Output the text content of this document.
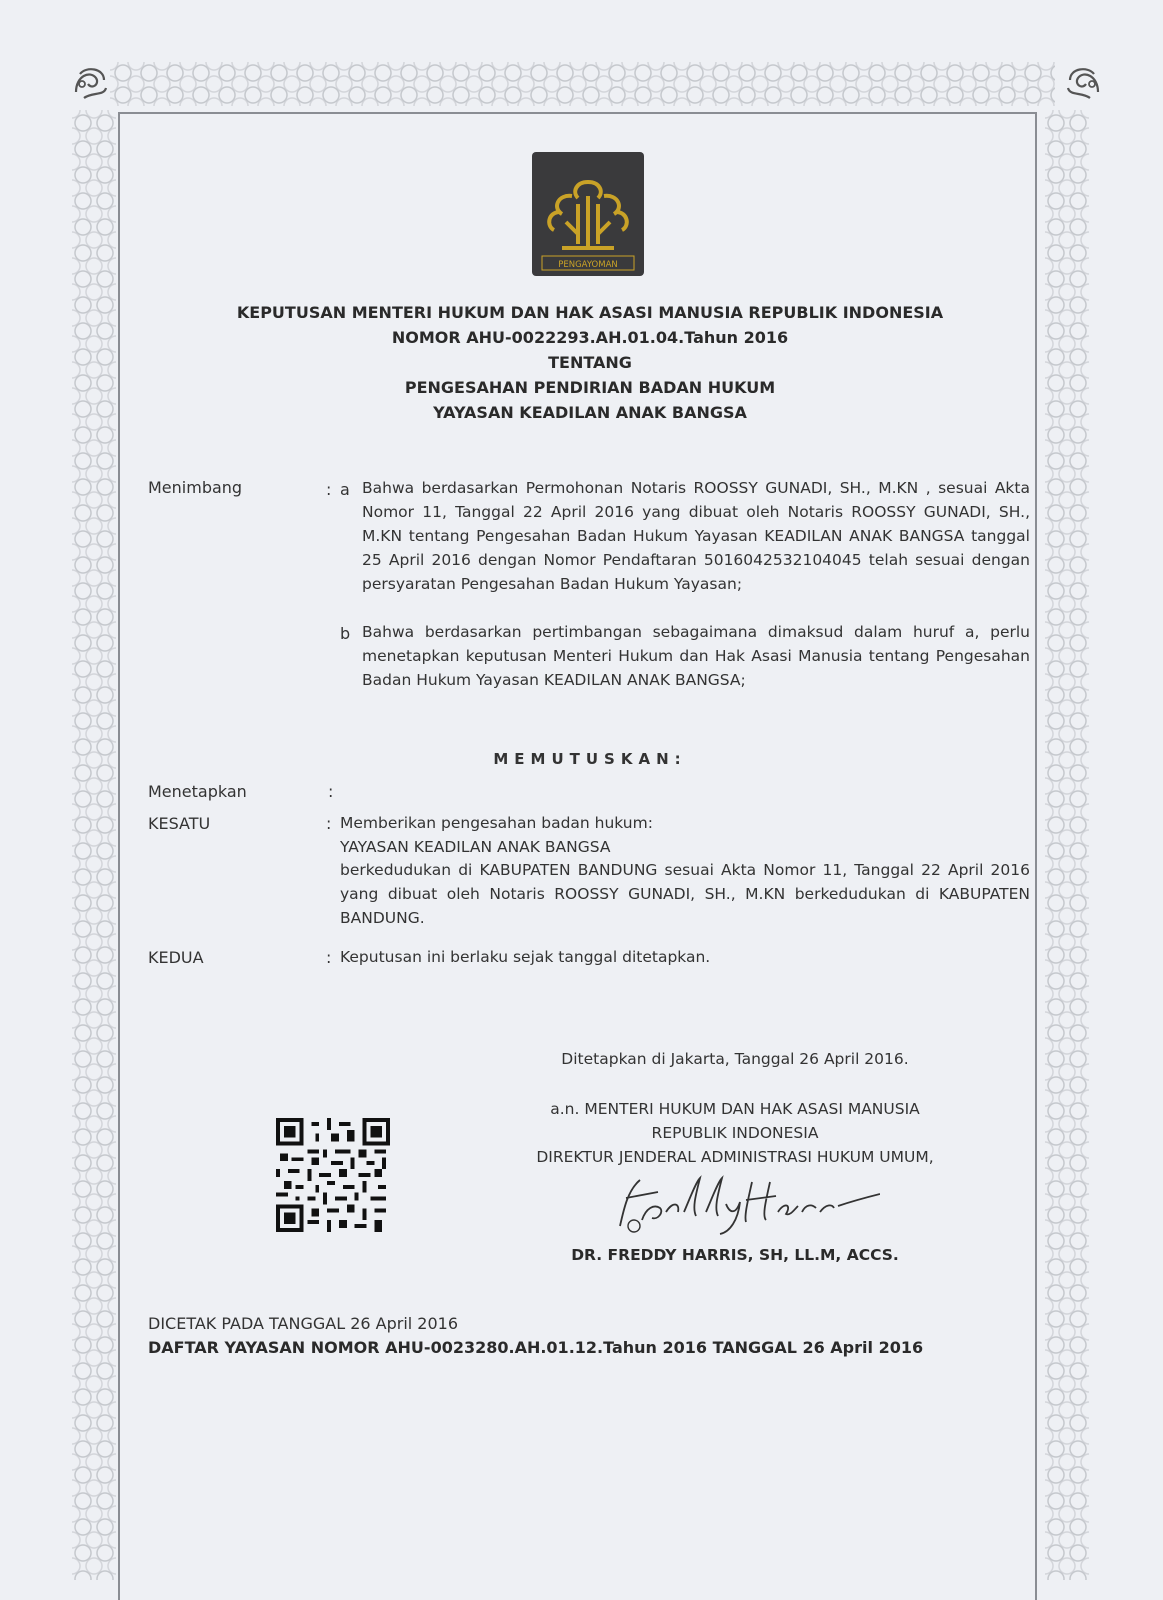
PENGAYOMAN
KEPUTUSAN MENTERI HUKUM DAN HAK ASASI MANUSIA REPUBLIK INDONESIA
NOMOR AHU-0022293.AH.01.04.Tahun 2016
TENTANG
PENGESAHAN PENDIRIAN BADAN HUKUM
YAYASAN KEADILAN ANAK BANGSA
Menimbang	: a Bahwa berdasarkan Permohonan Notaris ROOSSY GUNADI, SH., M.KN , sesuai Akta Nomor 11, Tanggal 22 April 2016 yang dibuat oleh Notaris ROOSSY GUNADI, SH., M.KN tentang Pengesahan Badan Hukum Yayasan KEADILAN ANAK BANGSA tanggal 25 April 2016 dengan Nomor Pendaftaran 5016042532104045 telah sesuai dengan persyaratan Pengesahan Badan Hukum Yayasan;
b Bahwa berdasarkan pertimbangan sebagaimana dimaksud dalam huruf a, perlu menetapkan keputusan Menteri Hukum dan Hak Asasi Manusia tentang Pengesahan Badan Hukum Yayasan KEADILAN ANAK BANGSA;
MEMUTUSKAN:
Menetapkan	:
KESATU	: Memberikan pengesahan badan hukum:
YAYASAN KEADILAN ANAK BANGSA
berkedudukan di KABUPATEN BANDUNG sesuai Akta Nomor 11, Tanggal 22 April 2016 yang dibuat oleh Notaris ROOSSY GUNADI, SH., M.KN berkedudukan di KABUPATEN BANDUNG.
KEDUA	: Keputusan ini berlaku sejak tanggal ditetapkan.
Ditetapkan di Jakarta, Tanggal 26 April 2016.
a.n. MENTERI HUKUM DAN HAK ASASI MANUSIA
REPUBLIK INDONESIA
DIREKTUR JENDERAL ADMINISTRASI HUKUM UMUM,
DR. FREDDY HARRIS, SH, LL.M, ACCS.
DICETAK PADA TANGGAL 26 April 2016
DAFTAR YAYASAN NOMOR AHU-0023280.AH.01.12.Tahun 2016 TANGGAL 26 April 2016
